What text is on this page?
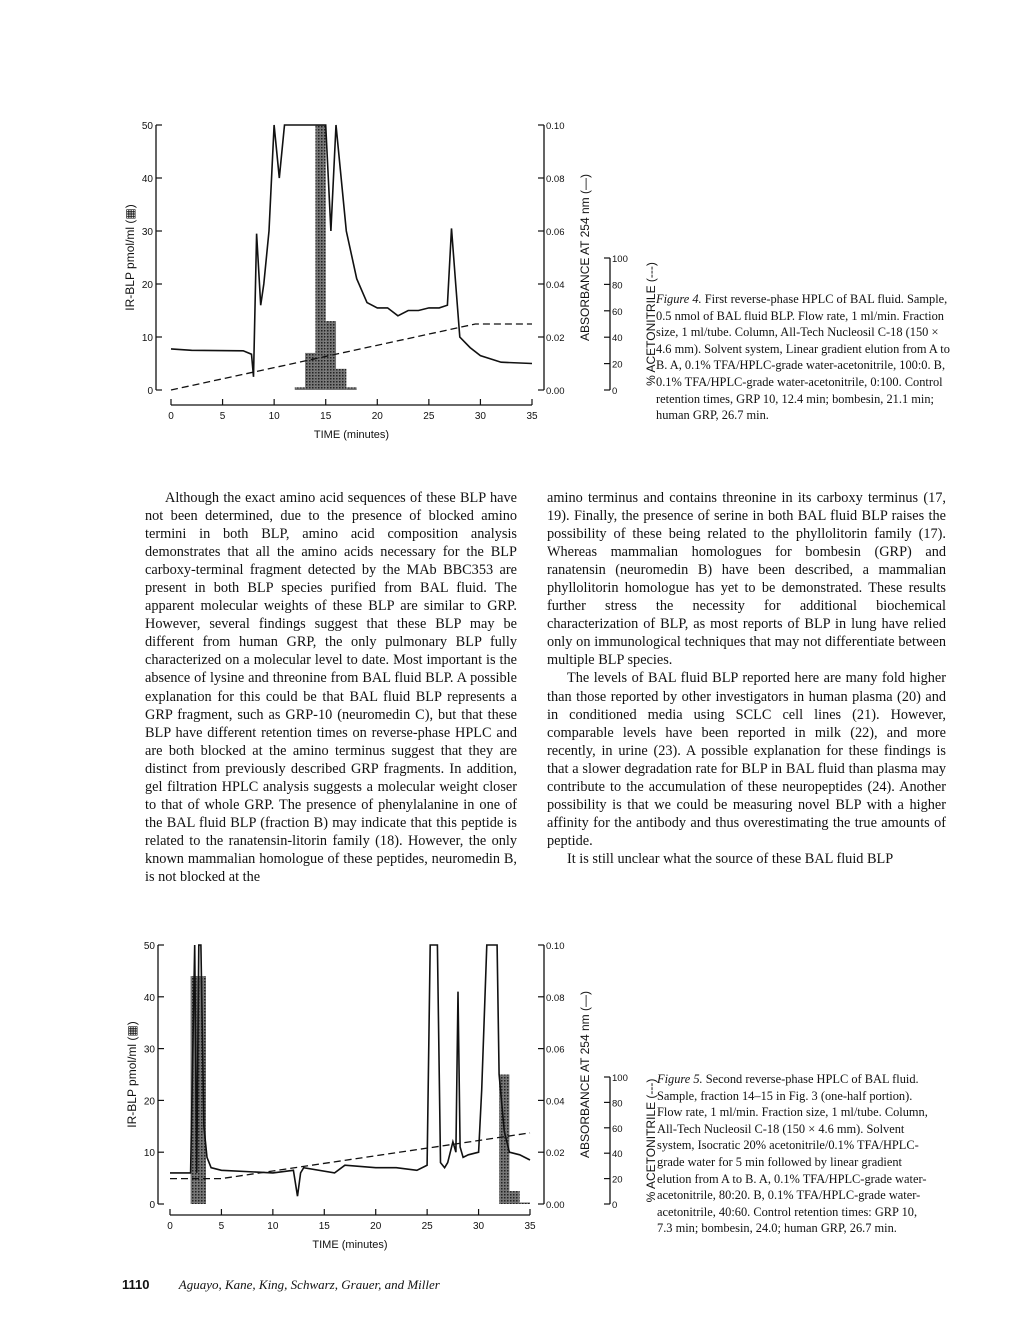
0
10
20
30
40
50
IR-BLP pmol/ml (▦)
0	5	10	15	20	25	30	35
TIME (minutes)
0.00
0.02
0.04
0.06
0.08
0.10
ABSORBANCE AT 254 nm (—)
0
20
40
60
80
100
% ACETONITRILE (---)
Figure 4. First reverse-phase HPLC of BAL fluid. Sample, 0.5 nmol of BAL fluid BLP. Flow rate, 1 ml/min. Fraction size, 1 ml/tube. Column, All-Tech Nucleosil C-18 (150 × 4.6 mm). Solvent system, Linear gradient elution from A to B. A, 0.1% TFA/HPLC-grade water-acetonitrile, 100:0. B, 0.1% TFA/HPLC-grade water-acetonitrile, 0:100. Control retention times, GRP 10, 12.4 min; bombesin, 21.1 min; human GRP, 26.7 min.

Although the exact amino acid sequences of these BLP have not been determined, due to the presence of blocked amino termini in both BLP, amino acid composition analysis demonstrates that all the amino acids necessary for the BLP carboxy-terminal fragment detected by the MAb BBC353 are present in both BLP species purified from BAL fluid. The apparent molecular weights of these BLP are similar to GRP. However, several findings suggest that these BLP may be different from human GRP, the only pulmonary BLP fully characterized on a molecular level to date. Most important is the absence of lysine and threonine from BAL fluid BLP. A possible explanation for this could be that BAL fluid BLP represents a GRP fragment, such as GRP-10 (neuromedin C), but that these BLP have different retention times on reverse-phase HPLC and are both blocked at the amino terminus suggest that they are distinct from previously described GRP fragments. In addition, gel filtration HPLC analysis suggests a molecular weight closer to that of whole GRP. The presence of phenylalanine in one of the BAL fluid BLP (fraction B) may indicate that this peptide is related to the ranatensin-litorin family (18). However, the only known mammalian homologue of these peptides, neuromedin B, is not blocked at the

amino terminus and contains threonine in its carboxy terminus (17, 19). Finally, the presence of serine in both BAL fluid BLP raises the possibility of these being related to the phyllolitorin family (17). Whereas mammalian homologues for bombesin (GRP) and ranatensin (neuromedin B) have been described, a mammalian phyllolitorin homologue has yet to be demonstrated. These results further stress the necessity for additional biochemical characterization of BLP, as most reports of BLP in lung have relied only on immunological techniques that may not differentiate between multiple BLP species.

The levels of BAL fluid BLP reported here are many fold higher than those reported by other investigators in human plasma (20) and in conditioned media using SCLC cell lines (21). However, comparable levels have been reported in milk (22), and more recently, in urine (23). A possible explanation for these findings is that a slower degradation rate for BLP in BAL fluid than plasma may contribute to the accumulation of these neuropeptides (24). Another possibility is that we could be measuring novel BLP with a higher affinity for the antibody and thus overestimating the true amounts of peptide.

It is still unclear what the source of these BAL fluid BLP

0
10
20
30
40
50
IR-BLP pmol/ml (▦)
0	5	10	15	20	25	30	35
TIME (minutes)
0.00
0.02
0.04
0.06
0.08
0.10
ABSORBANCE AT 254 nm (—)
0
20
40
60
80
100
% ACETONITRILE (---) Figure 5. Second reverse-phase HPLC of BAL fluid. Sample, fraction 14–15 in Fig. 3 (one-half portion). Flow rate, 1 ml/min. Fraction size, 1 ml/tube. Column, All-Tech Nucleosil C-18 (150 × 4.6 mm). Solvent system, Isocratic 20% acetonitrile/0.1% TFA/HPLC-grade water for 5 min followed by linear gradient elution from A to B. A, 0.1% TFA/HPLC-grade water-acetonitrile, 80:20. B, 0.1% TFA/HPLC-grade water-acetonitrile, 40:60. Control retention times: GRP 10, 7.3 min; bombesin, 24.0; human GRP, 26.7 min.
1110 Aguayo, Kane, King, Schwarz, Grauer, and Miller
